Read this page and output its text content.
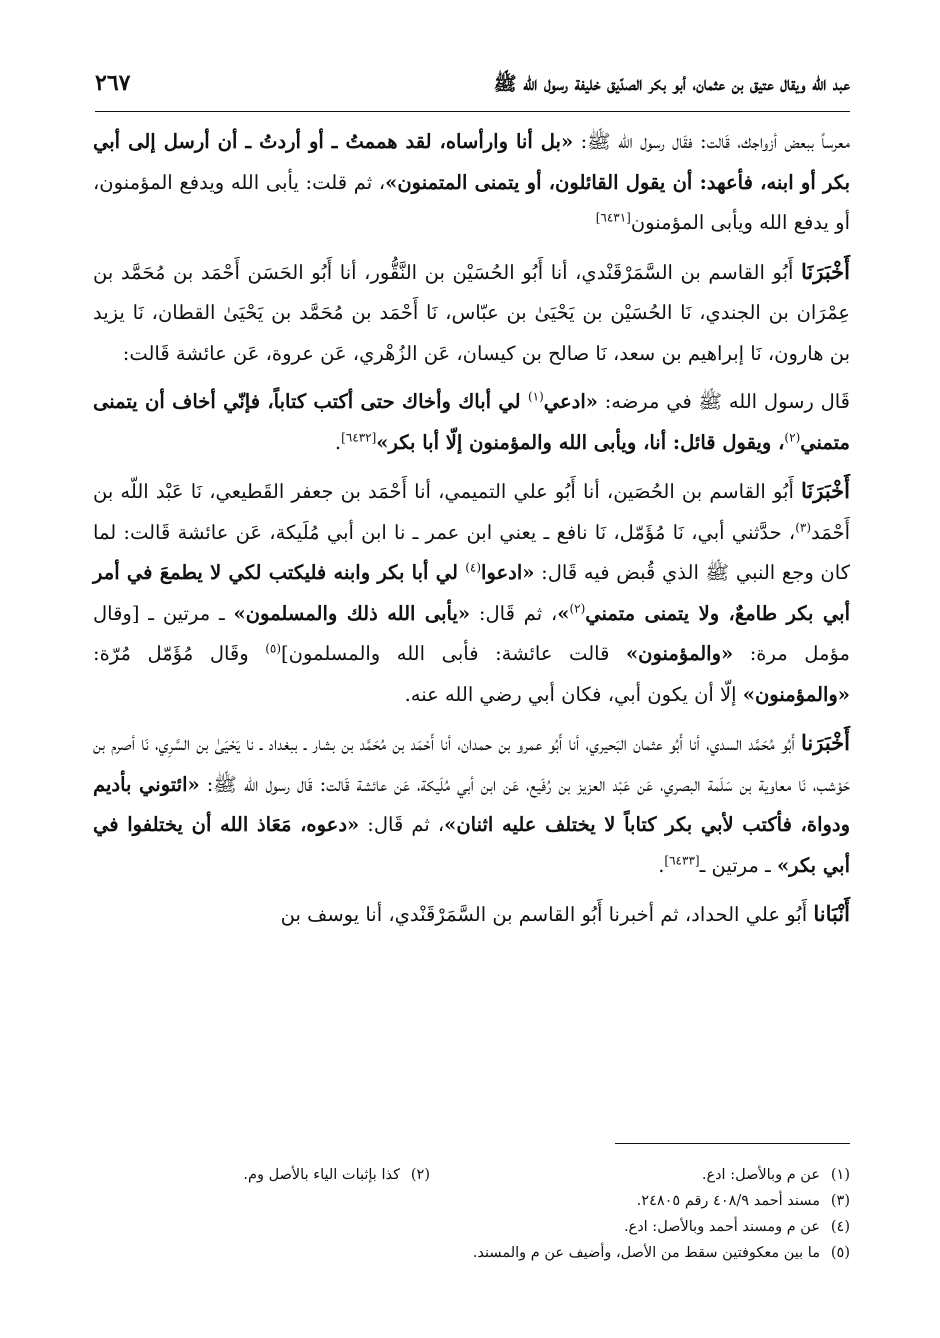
عبد الله ويقال عتيق بن عثمان، أبو بكر الصدّيق خليفة رسول الله ﷺ
٢٦٧

معرساً ببعض أزواجك، قَالت: فقَال رسول الله ﷺ: «بل أنا وارأساه، لقد هممتُ ـ أو أردتُ ـ أن أرسل إلى أبي بكر أو ابنه، فأعهد: أن يقول القائلون، أو يتمنى المتمنون»، ثم قلت: يأبى الله ويدفع المؤمنون، أو يدفع الله ويأبى المؤمنون[٦٤٣١]

أَخْبَرَنَا أَبُو القاسم بن السَّمَرْقَنْدي، أنا أَبُو الحُسَيْن بن النَّقُّور، أنا أَبُو الحَسَن أَحْمَد بن مُحَمَّد بن عِمْرَان بن الجندي، نَا الحُسَيْن بن يَحْيَىٰ بن عبّاس، نَا أَحْمَد بن مُحَمَّد بن يَحْيَىٰ القطان، نَا يزيد بن هارون، نَا إبراهيم بن سعد، نَا صالح بن كيسان، عَن الزُهْري، عَن عروة، عَن عائشة قَالت:

قَال رسول الله ﷺ في مرضه: «ادعي$^{(١)}$ لي أباك وأخاك حتى أكتب كتاباً، فإنّي أخاف أن يتمنى متمني$^{(٢)}$، ويقول قائل: أنا، ويأبى الله والمؤمنون إلّا أبا بكر»[٦٤٣٢].

أَخْبَرَنَا أَبُو القاسم بن الحُصَين، أنا أَبُو علي التميمي، أنا أَحْمَد بن جعفر القَطيعي، نَا عَبْد اللّه بن أَحْمَد$^{(٣)}$، حدَّثني أبي، نَا مُؤَمّل، نَا نافع ـ يعني ابن عمر ـ نا ابن أبي مُلَيكة، عَن عائشة قَالت: لما كان وجع النبي ﷺ الذي قُبض فيه قَال: «ادعوا$^{(٤)}$ لي أبا بكر وابنه فليكتب لكي لا يطمعَ في أمر أبي بكر طامعٌ، ولا يتمنى متمني$^{(٢)}$»، ثم قَال: «يأبى الله ذلك والمسلمون» ـ مرتين ـ [وقال مؤمل مرة: «والمؤمنون» قالت عائشة: فأبى الله والمسلمون]$^{(٥)}$ وقَال مُؤَمّل مُرّة: «والمؤمنون» إلّا أن يكون أبي، فكان أبي رضي الله عنه.

أَخْبَرَنا أَبُو مُحَمَّد السدي، أنا أَبُو عثمان البَحيري، أنا أَبُو عمرو بن حمدان، أنا أَحْمَد بن مُحَمَّد بن بشار ـ ببغداد ـ نا يَحْيَىٰ بن السَّرِي، نَا أصرم بن حَوْشب، نَا معاوية بن سَلَمة البصري، عَن عَبْد العزيز بن رُفَيع، عَن ابن أبي مُلَيكة، عَن عائشة قَالت: قَال رسول الله ﷺ: «ائتوني بأديم ودواة، فأكتب لأبي بكر كتاباً لا يختلف عليه اثنان»، ثم قَال: «دعوه، مَعَاذ الله أن يختلفوا في أبي بكر» ـ مرتين ـ[٦٤٣٣].

أَنْبَانا أَبُو علي الحداد، ثم أخبرنا أَبُو القاسم بن السَّمَرْقَنْدي، أنا يوسف بن

(١)عن م وبالأصل: ادع.
(٢)كذا بإثبات الياء بالأصل وم.
(٣)مسند أحمد ٤٠٨/٩ رقم ٢٤٨٠٥.
(٤)عن م ومسند أحمد وبالأصل: ادع.
(٥)ما بين معكوفتين سقط من الأصل، وأضيف عن م والمسند.
